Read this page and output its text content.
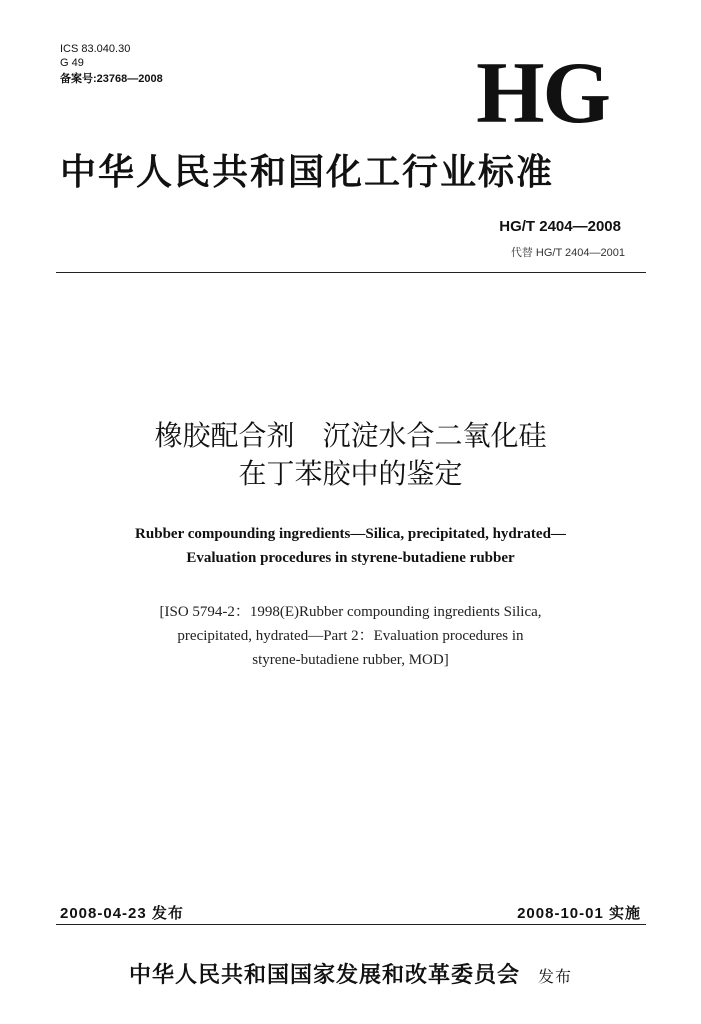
ICS 83.040.30
G 49
备案号:23768—2008	HG
中华人民共和国化工行业标准
HG/T 2404—2008
代替 HG/T 2404—2001
橡胶配合剂　沉淀水合二氧化硅
在丁苯胶中的鉴定
Rubber compounding ingredients—Silica, precipitated, hydrated—
Evaluation procedures in styrene-butadiene rubber
[ISO 5794-2：1998(E)Rubber compounding ingredients Silica,
precipitated, hydrated—Part 2：Evaluation procedures in
styrene-butadiene rubber, MOD]
2008-04-23 发布	2008-10-01 实施
中华人民共和国国家发展和改革委员会 发布
